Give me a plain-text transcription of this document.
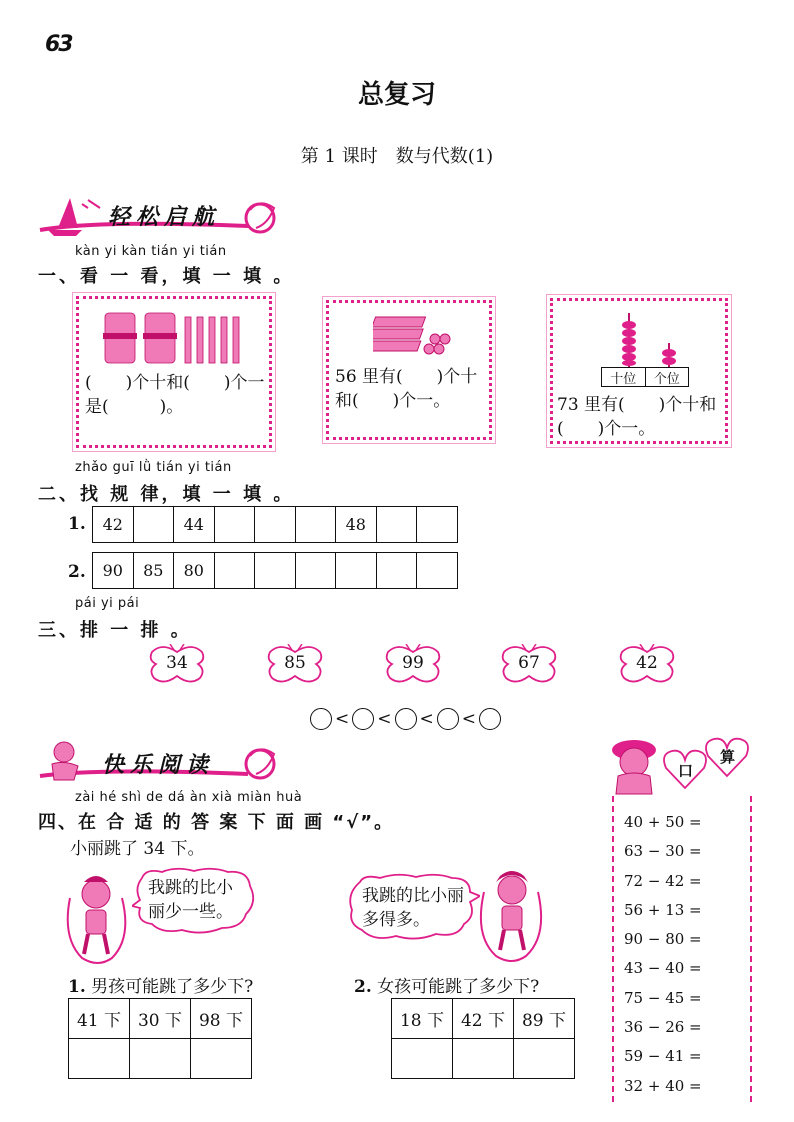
63
总复习
第 1 课时　数与代数(1)
轻松启航
kàn yi kàn tián yi tián
一、看 一 看，填 一 填 。
(　　)个十和(　　)个一是(　　　)。
56 里有(　　)个十和(　　)个一。
十位	个位
73 里有(　　)个十和(　　)个一。
zhǎo guī lǜ tián yi tián
二、找 规 律，填 一 填 。
1. 42		44				48		
2. 90	85	80						
pái yi pái
三、排 一 排 。
34	85	99	67	42
< < < <
快乐阅读
zài hé shì de dá àn xià miàn huà
四、在 合 适 的 答 案 下 面 画 “√”。
小丽跳了 34 下。
我跳的比小丽少一些。
我跳的比小丽多得多。
1. 男孩可能跳了多少下?
41 下	30 下	98 下

2. 女孩可能跳了多少下?
18 下	42 下	89 下

口
算
40 + 50 =
63 − 30 =
72 − 42 =
56 + 13 =
90 − 80 =
43 − 40 =
75 − 45 =
36 − 26 =
59 − 41 =
32 + 40 =
